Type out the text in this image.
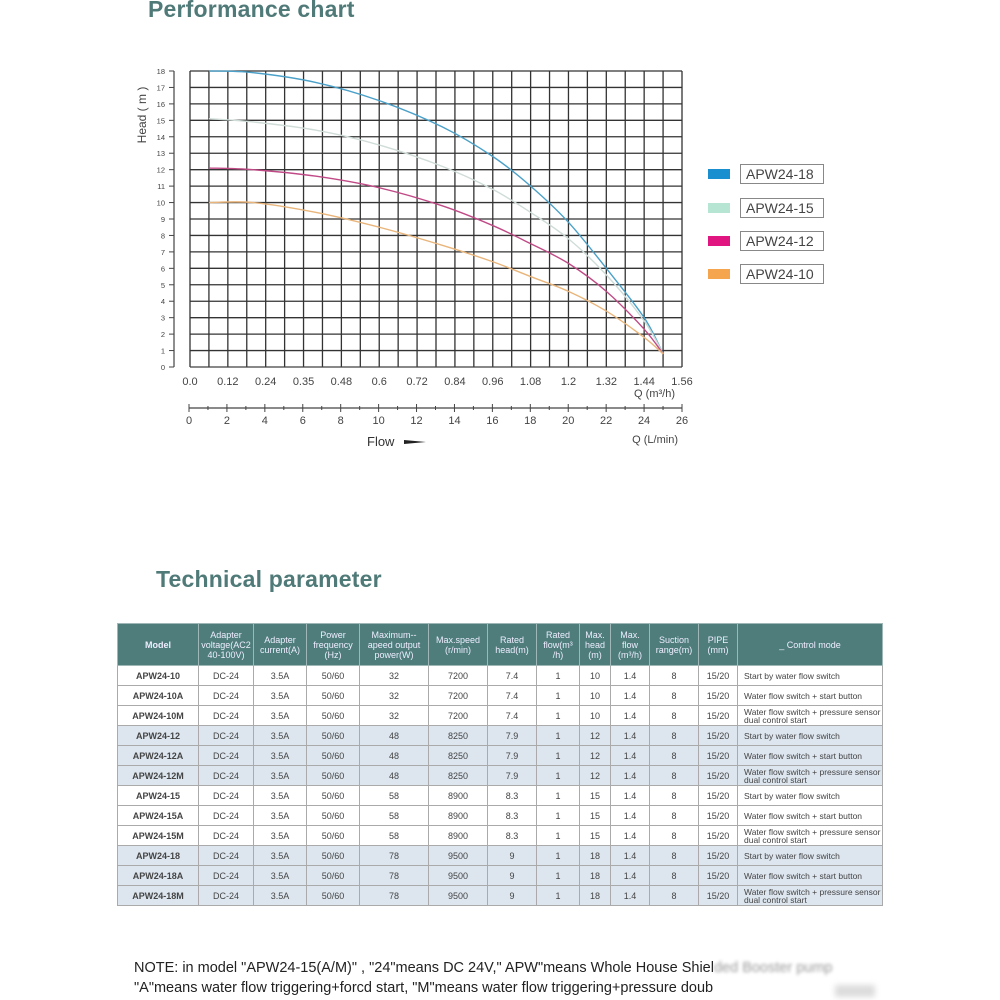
Performance chart
0
1
2
3
4
5
6
7
8
9
10
11
12
13
14
15
16
17
18
Head ( m )
0.0 0.12 0.24 0.35 0.48 0.6 0.72 0.84 0.96 1.08 1.2 1.32 1.44 1.56
Q (m³/h)
0	2	4	6	8	10 12 14 16 18 20 22 24 26
Q (L/min)
Flow
APW24-18
APW24-15
APW24-12
APW24-10
Technical parameter
Model	Adapter voltage(AC2 40-100V)	Adapter current(A)	Power frequency (Hz)	Maximum-- apeed output power(W)	Max.speed (r/min)	Rated head(m)	Rated flow(m³ /h)	Max. head (m)	Max. flow (m³/h)	Suction range(m)	PIPE (mm)	_ Control mode
APW24-10	DC-24	3.5A	50/60	32	7200	7.4	1	10	1.4	8	15/20	Start by water flow switch
APW24-10A	DC-24	3.5A	50/60	32	7200	7.4	1	10	1.4	8	15/20	Water flow switch + start button
APW24-10M	DC-24	3.5A	50/60	32	7200	7.4	1	10	1.4	8	15/20	Water flow switch + pressure sensor dual control start
APW24-12	DC-24	3.5A	50/60	48	8250	7.9	1	12	1.4	8	15/20	Start by water flow switch
APW24-12A	DC-24	3.5A	50/60	48	8250	7.9	1	12	1.4	8	15/20	Water flow switch + start button
APW24-12M	DC-24	3.5A	50/60	48	8250	7.9	1	12	1.4	8	15/20	Water flow switch + pressure sensor dual control start
APW24-15	DC-24	3.5A	50/60	58	8900	8.3	1	15	1.4	8	15/20	Start by water flow switch
APW24-15A	DC-24	3.5A	50/60	58	8900	8.3	1	15	1.4	8	15/20	Water flow switch + start button
APW24-15M	DC-24	3.5A	50/60	58	8900	8.3	1	15	1.4	8	15/20	Water flow switch + pressure sensor dual control start
APW24-18	DC-24	3.5A	50/60	78	9500	9	1	18	1.4	8	15/20	Start by water flow switch
APW24-18A	DC-24	3.5A	50/60	78	9500	9	1	18	1.4	8	15/20	Water flow switch + start button
APW24-18M	DC-24	3.5A	50/60	78	9500	9	1	18	1.4	8	15/20	Water flow switch + pressure sensor dual control start
NOTE: in model "APW24-15(A/M)" , "24"means DC 24V," APW"means Whole House Shielded Booster pump
"A"means water flow triggering+forcd start, "M"means water flow triggering+pressure doub
